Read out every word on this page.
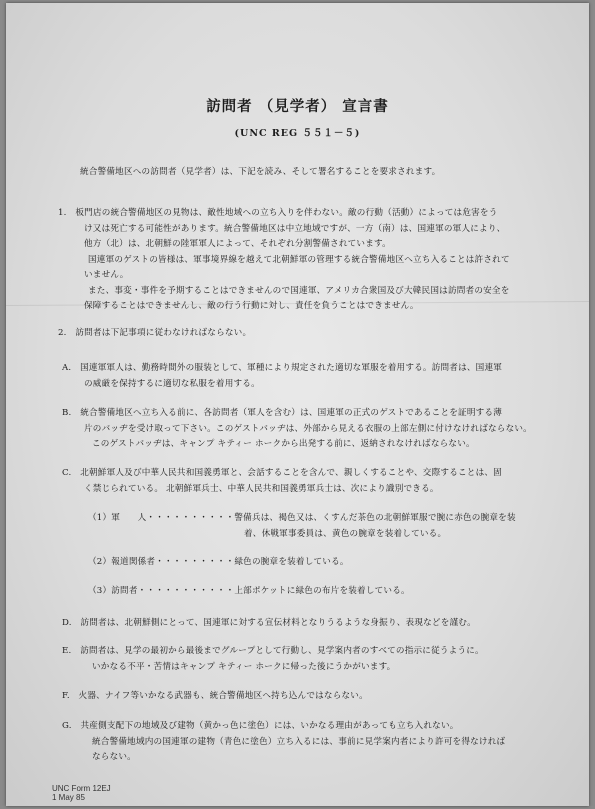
訪問者 （見学者） 宣言書
(UNC REG ５５１－５)
統合警備地区への訪問者（見学者）は、下記を読み、そして署名することを要求されます。
1.　板門店の統合警備地区の見物は、敵性地域への立ち入りを伴わない。敵の行動（活動）によっては危害をう
け又は死亡する可能性があります。統合警備地区は中立地域ですが、一方（南）は、国連軍の軍人により、
他方（北）は、北朝鮮の陸軍軍人によって、それぞれ分割警備されています。
国連軍のゲストの皆様は、軍事境界線を越えて北朝鮮軍の管理する統合警備地区へ立ち入ることは許されて
いません。
また、事変・事件を予期することはできませんので国連軍、アメリカ合衆国及び大韓民国は訪問者の安全を
保障することはできませんし、敵の行う行動に対し、責任を負うことはできません。
2.　訪問者は下記事項に従わなければならない。
A.　国連軍軍人は、勤務時間外の服装として、軍種により規定された適切な軍服を着用する。訪問者は、国連軍
の威厳を保持するに適切な私服を着用する。
B.　統合警備地区へ立ち入る前に、各訪問者（軍人を含む）は、国連軍の正式のゲストであることを証明する薄
片のバッヂを受け取って下さい。このゲストバッヂは、外部から見える衣服の上部左側に付けなければならない。
このゲストバッヂは、キャンプ キティー ホークから出発する前に、返納されなければならない。
C.　北朝鮮軍人及び中華人民共和国義勇軍と、会話することを含んで、親しくすることや、交際することは、固
く禁じられている。 北朝鮮軍兵士、中華人民共和国義勇軍兵士は、次により識別できる。
（1）軍　　人・・・・・・・・・・警備兵は、褐色又は、くすんだ茶色の北朝鮮軍服で腕に赤色の腕章を装
着、休戦軍事委員は、黄色の腕章を装着している。
（2）報道関係者・・・・・・・・・緑色の腕章を装着している。
（3）訪問者・・・・・・・・・・・上部ポケットに緑色の布片を装着している。
D.　訪問者は、北朝鮮側にとって、国連軍に対する宣伝材料となりうるような身振り、表現などを謹む。
E.　訪問者は、見学の最初から最後までグループとして行動し、見学案内者のすべての指示に従うように。
いかなる不平・苦情はキャンプ キティー ホークに帰った後にうかがいます。
F.　火器、ナイフ等いかなる武器も、統合警備地区へ持ち込んではならない。
G.　共産側支配下の地域及び建物（黄かっ色に塗色）には、いかなる理由があっても立ち入れない。
統合警備地域内の国連軍の建物（青色に塗色）立ち入るには、事前に見学案内者により許可を得なければ
ならない。
UNC Form 12EJ
1 May 85
